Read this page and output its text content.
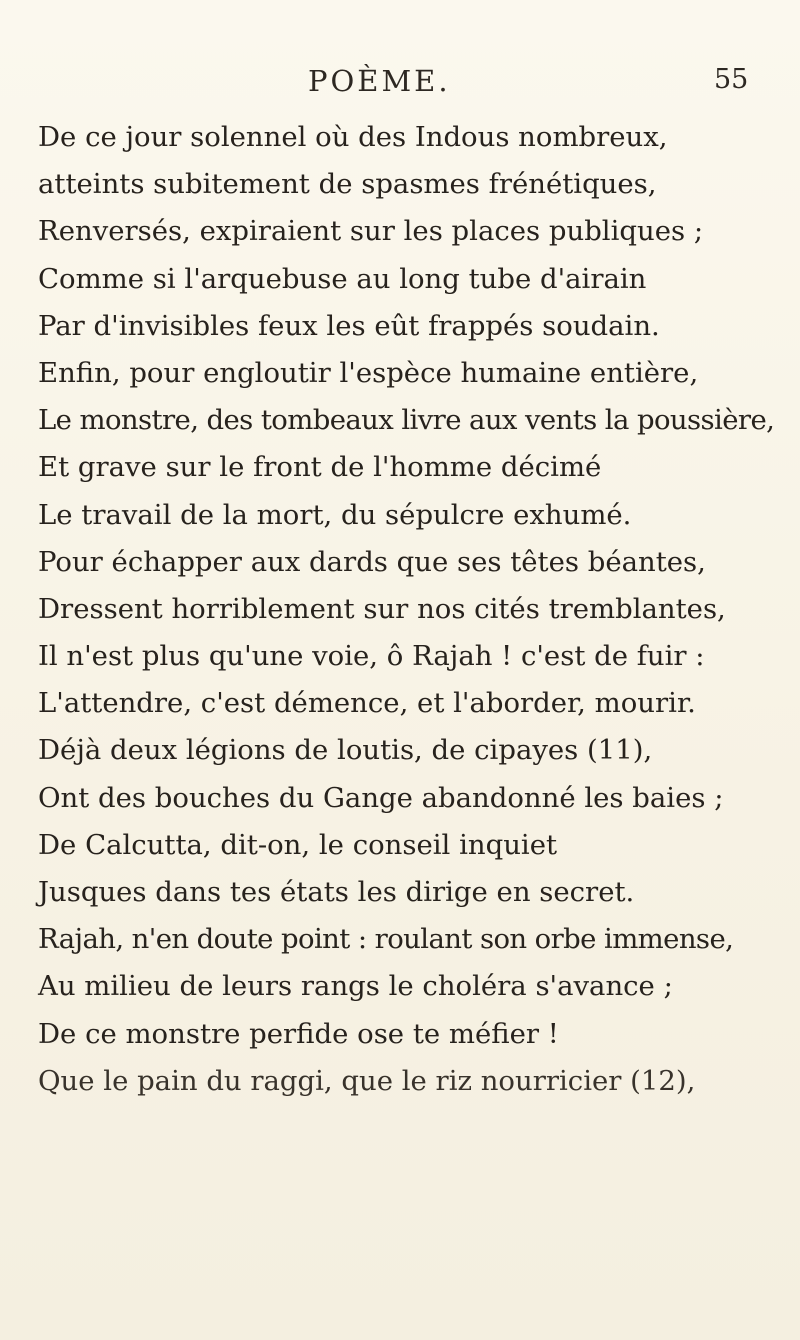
POÈME.	55
De ce jour solennel où des Indous nombreux,
atteints subitement de spasmes frénétiques,
Renversés, expiraient sur les places publiques ;
Comme si l'arquebuse au long tube d'airain
Par d'invisibles feux les eût frappés soudain.
Enfin, pour engloutir l'espèce humaine entière,
Le monstre, des tombeaux livre aux vents la poussière,
Et grave sur le front de l'homme décimé
Le travail de la mort, du sépulcre exhumé.
Pour échapper aux dards que ses têtes béantes,
Dressent horriblement sur nos cités tremblantes,
Il n'est plus qu'une voie, ô Rajah ! c'est de fuir :
L'attendre, c'est démence, et l'aborder, mourir.
Déjà deux légions de loutis, de cipayes (11),
Ont des bouches du Gange abandonné les baies ;
De Calcutta, dit-on, le conseil inquiet
Jusques dans tes états les dirige en secret.
Rajah, n'en doute point : roulant son orbe immense,
Au milieu de leurs rangs le choléra s'avance ;
De ce monstre perfide ose te méfier !
Que le pain du raggi, que le riz nourricier (12),
